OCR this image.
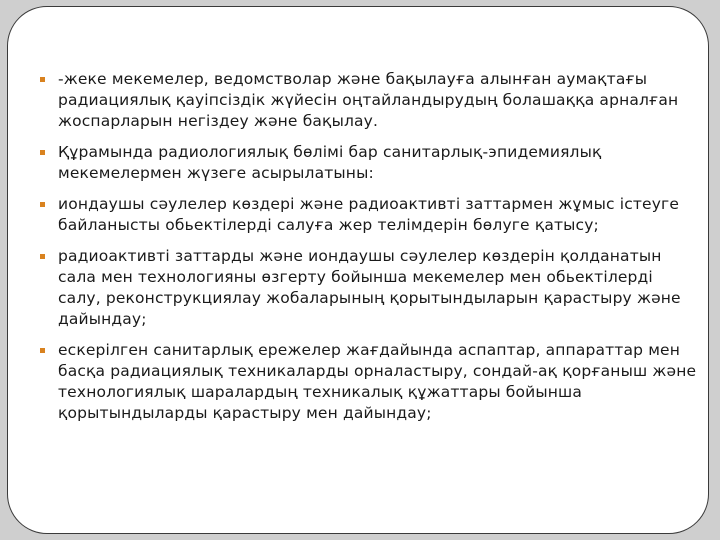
-жеке мекемелер, ведомстволар және бақылауға алынған аумақтағы радиациялық қауіпсіздік жүйесін оңтайландырудың болашаққа арналған жоспарларын негіздеу және бақылау.
Құрамында радиологиялық бөлімі бар санитарлық-эпидемиялық мекемелермен жүзеге асырылатыны:
иондаушы сәулелер көздері және радиоактивті заттармен жұмыс істеуге байланысты обьектілерді салуға жер телімдерін бөлуге қатысу;
радиоактивті заттарды және иондаушы сәулелер көздерін қолданатын сала мен технологияны өзгерту бойынша мекемелер мен обьектілерді салу, реконструкциялау жобаларының қорытындыларын қарастыру және дайындау;
ескерілген санитарлық ережелер жағдайында аспаптар, аппараттар мен басқа радиациялық техникаларды орналастыру, сондай-ақ қорғаныш және технологиялық шаралардың техникалық құжаттары бойынша қорытындыларды қарастыру мен дайындау;
